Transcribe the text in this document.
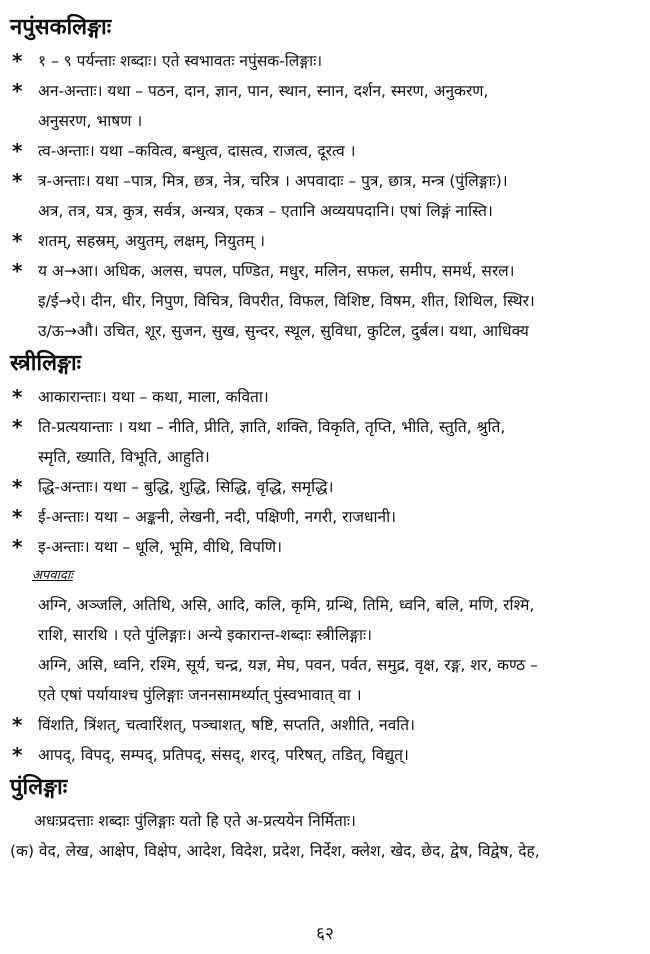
नपुंसकलिङ्गाः
* १ – ९ पर्यन्ताः शब्दाः। एते स्वभावतः नपुंसक-लिङ्गाः।
* अन-अन्ताः। यथा – पठन, दान, ज्ञान, पान, स्थान, स्नान, दर्शन, स्मरण, अनुकरण,
अनुसरण, भाषण ।
* त्व-अन्ताः। यथा –कवित्व, बन्धुत्व, दासत्व, राजत्व, दूरत्व ।
* त्र-अन्ताः। यथा –पात्र, मित्र, छत्र, नेत्र, चरित्र । अपवादाः – पुत्र, छात्र, मन्त्र (पुंलिङ्गाः)।
अत्र, तत्र, यत्र, कुत्र, सर्वत्र, अन्यत्र, एकत्र – एतानि अव्ययपदानि। एषां लिङ्गं नास्ति।
* शतम्, सहस्रम्, अयुतम्, लक्षम्, नियुतम् ।
* य अ→आ। अधिक, अलस, चपल, पण्डित, मधुर, मलिन, सफल, समीप, समर्थ, सरल।
इ/ई→ऐ। दीन, धीर, निपुण, विचित्र, विपरीत, विफल, विशिष्ट, विषम, शीत, शिथिल, स्थिर।
उ/ऊ→औ। उचित, शूर, सुजन, सुख, सुन्दर, स्थूल, सुविधा, कुटिल, दुर्बल। यथा, आधिक्य
स्त्रीलिङ्गाः
* आकारान्ताः। यथा – कथा, माला, कविता।
* ति-प्रत्ययान्ताः । यथा – नीति, प्रीति, ज्ञाति, शक्ति, विकृति, तृप्ति, भीति, स्तुति, श्रुति,
स्मृति, ख्याति, विभूति, आहुति।
* द्धि-अन्ताः। यथा – बुद्धि, शुद्धि, सिद्धि, वृद्धि, समृद्धि।
* ई-अन्ताः। यथा – अङ्कनी, लेखनी, नदी, पक्षिणी, नगरी, राजधानी।
* इ-अन्ताः। यथा – धूलि, भूमि, वीथि, विपणि।
अपवादाः
अग्नि, अञ्जलि, अतिथि, असि, आदि, कलि, कृमि, ग्रन्थि, तिमि, ध्वनि, बलि, मणि, रश्मि,
राशि, सारथि । एते पुंलिङ्गाः। अन्ये इकारान्त-शब्दाः स्त्रीलिङ्गाः।
अग्नि, असि, ध्वनि, रश्मि, सूर्य, चन्द्र, यज्ञ, मेघ, पवन, पर्वत, समुद्र, वृक्ष, रङ्ग, शर, कण्ठ –
एते एषां पर्यायाश्च पुंलिङ्गाः जननसामर्थ्यात् पुंस्वभावात् वा ।
* विंशति, त्रिंशत्, चत्वारिंशत्, पञ्चाशत्, षष्टि, सप्तति, अशीति, नवति।
* आपद्, विपद्, सम्पद्, प्रतिपद्, संसद्, शरद्, परिषत्, तडित्, विद्युत्।
पुंलिङ्गाः
अधःप्रदत्ताः शब्दाः पुंलिङ्गाः यतो हि एते अ-प्रत्ययेन निर्मिताः।
(क) वेद, लेख, आक्षेप, विक्षेप, आदेश, विदेश, प्रदेश, निर्देश, क्लेश, खेद, छेद, द्वेष, विद्वेष, देह,
६२
